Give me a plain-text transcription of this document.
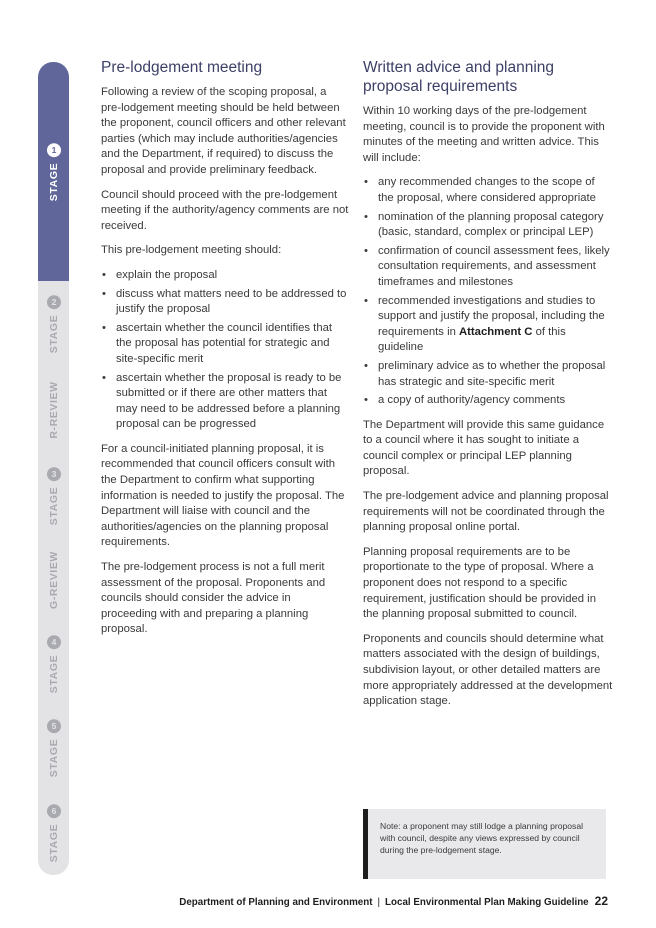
STAGE
1
STAGE
2
R-REVIEW
STAGE
3
G-REVIEW
STAGE
4
STAGE
5
STAGE
6
Pre-lodgement meeting

Following a review of the scoping proposal, a pre-lodgement meeting should be held between the proponent, council officers and other relevant parties (which may include authorities/agencies and the Department, if required) to discuss the proposal and provide preliminary feedback.

Council should proceed with the pre-lodgement meeting if the authority/agency comments are not received.

This pre-lodgement meeting should:

• explain the proposal
• discuss what matters need to be addressed to justify the proposal
• ascertain whether the council identifies that the proposal has potential for strategic and site-specific merit
• ascertain whether the proposal is ready to be submitted or if there are other matters that may need to be addressed before a planning proposal can be progressed

For a council-initiated planning proposal, it is recommended that council officers consult with the Department to confirm what supporting information is needed to justify the proposal. The Department will liaise with council and the authorities/agencies on the planning proposal requirements.

The pre-lodgement process is not a full merit assessment of the proposal. Proponents and councils should consider the advice in proceeding with and preparing a planning proposal.

Written advice and planning proposal requirements

Within 10 working days of the pre-lodgement meeting, council is to provide the proponent with minutes of the meeting and written advice. This will include:

• any recommended changes to the scope of the proposal, where considered appropriate
• nomination of the planning proposal category (basic, standard, complex or principal LEP)
• confirmation of council assessment fees, likely consultation requirements, and assessment timeframes and milestones
• recommended investigations and studies to support and justify the proposal, including the requirements in Attachment C of this guideline
• preliminary advice as to whether the proposal has strategic and site-specific merit
• a copy of authority/agency comments

The Department will provide this same guidance to a council where it has sought to initiate a council complex or principal LEP planning proposal.

The pre-lodgement advice and planning proposal requirements will not be coordinated through the planning proposal online portal.

Planning proposal requirements are to be proportionate to the type of proposal. Where a proponent does not respond to a specific requirement, justification should be provided in the planning proposal submitted to council.

Proponents and councils should determine what matters associated with the design of buildings, subdivision layout, or other detailed matters are more appropriately addressed at the development application stage.

Note: a proponent may still lodge a planning proposal with council, despite any views expressed by council during the pre-lodgement stage.
Department of Planning and Environment | Local Environmental Plan Making Guideline 22
